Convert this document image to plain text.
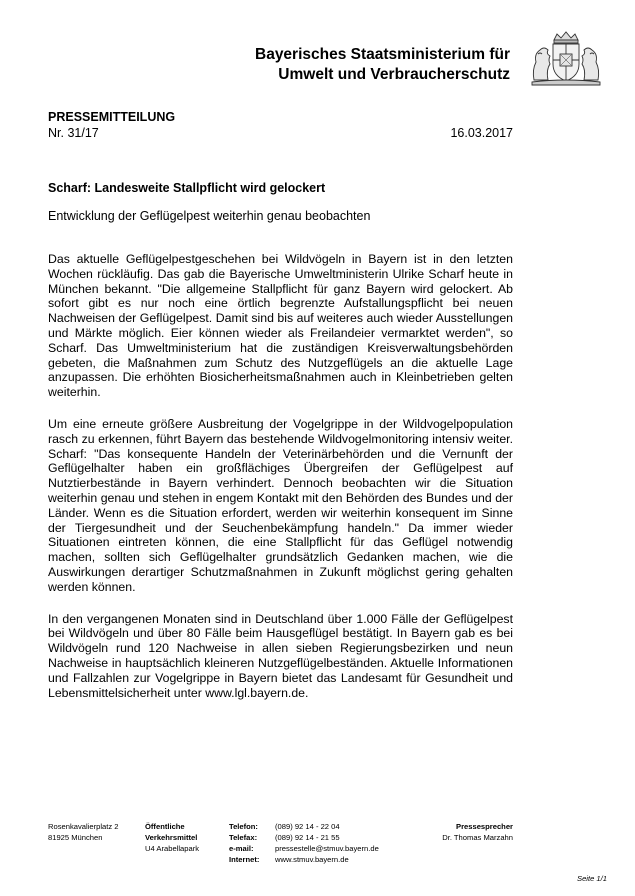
Bayerisches Staatsministerium für
Umwelt und Verbraucherschutz
PRESSEMITTEILUNG
Nr. 31/17	16.03.2017
Scharf: Landesweite Stallpflicht wird gelockert
Entwicklung der Geflügelpest weiterhin genau beobachten

Das aktuelle Geflügelpestgeschehen bei Wildvögeln in Bayern ist in den letzten Wochen rückläufig. Das gab die Bayerische Umweltministerin Ulrike Scharf heute in München bekannt. "Die allgemeine Stallpflicht für ganz Bayern wird gelockert. Ab sofort gibt es nur noch eine örtlich begrenzte Aufstallungspflicht bei neuen Nachweisen der Geflügelpest. Damit sind bis auf weiteres auch wieder Ausstellungen und Märkte möglich. Eier können wieder als Freilandeier vermarktet werden", so Scharf. Das Umweltministerium hat die zuständigen Kreisverwaltungsbehörden gebeten, die Maßnahmen zum Schutz des Nutzgeflügels an die aktuelle Lage anzupassen. Die erhöhten Biosicherheitsmaßnahmen auch in Kleinbetrieben gelten weiterhin.

Um eine erneute größere Ausbreitung der Vogelgrippe in der Wildvogelpopulation rasch zu erkennen, führt Bayern das bestehende Wildvogelmonitoring intensiv weiter. Scharf: "Das konsequente Handeln der Veterinärbehörden und die Vernunft der Geflügelhalter haben ein großflächiges Übergreifen der Geflügelpest auf Nutztierbestände in Bayern verhindert. Dennoch beobachten wir die Situation weiterhin genau und stehen in engem Kontakt mit den Behörden des Bundes und der Länder. Wenn es die Situation erfordert, werden wir weiterhin konsequent im Sinne der Tiergesundheit und der Seuchenbekämpfung handeln." Da immer wieder Situationen eintreten können, die eine Stallpflicht für das Geflügel notwendig machen, sollten sich Geflügelhalter grundsätzlich Gedanken machen, wie die Auswirkungen derartiger Schutzmaßnahmen in Zukunft möglichst gering gehalten werden können.

In den vergangenen Monaten sind in Deutschland über 1.000 Fälle der Geflügelpest bei Wildvögeln und über 80 Fälle beim Hausgeflügel bestätigt. In Bayern gab es bei Wildvögeln rund 120 Nachweise in allen sieben Regierungsbezirken und neun Nachweise in hauptsächlich kleineren Nutzgeflügelbeständen. Aktuelle Informationen und Fallzahlen zur Vogelgrippe in Bayern bietet das Landesamt für Gesundheit und Lebensmittelsicherheit unter www.lgl.bayern.de.

Rosenkavalierplatz 2
81925 München
Öffentliche
Verkehrsmittel
U4 Arabellapark
Telefon:
Telefax:
e-mail:
Internet:
(089) 92 14 - 22 04
(089) 92 14 - 21 55
pressestelle@stmuv.bayern.de
www.stmuv.bayern.de
Pressesprecher
Dr. Thomas Marzahn
Seite 1/1
